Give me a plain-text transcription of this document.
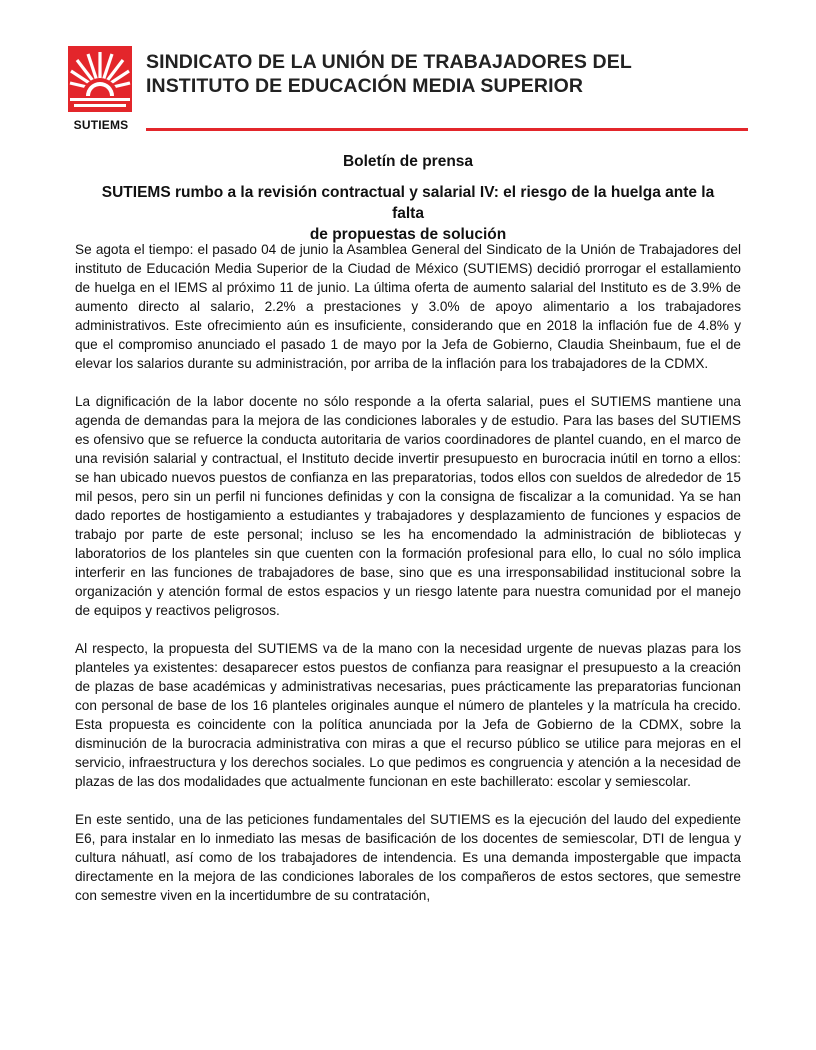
SUTIEMS
SINDICATO DE LA UNIÓN DE TRABAJADORES DEL
INSTITUTO DE EDUCACIÓN MEDIA SUPERIOR
Boletín de prensa
SUTIEMS rumbo a la revisión contractual y salarial IV: el riesgo de la huelga ante la falta
de propuestas de solución

Se agota el tiempo: el pasado 04 de junio la Asamblea General del Sindicato de la Unión de Trabajadores del instituto de Educación Media Superior de la Ciudad de México (SUTIEMS) decidió prorrogar el estallamiento de huelga en el IEMS al próximo 11 de junio. La última oferta de aumento salarial del Instituto es de 3.9% de aumento directo al salario, 2.2% a prestaciones y 3.0% de apoyo alimentario a los trabajadores administrativos. Este ofrecimiento aún es insuficiente, considerando que en 2018 la inflación fue de 4.8% y que el compromiso anunciado el pasado 1 de mayo por la Jefa de Gobierno, Claudia Sheinbaum, fue el de elevar los salarios durante su administración, por arriba de la inflación para los trabajadores de la CDMX.

La dignificación de la labor docente no sólo responde a la oferta salarial, pues el SUTIEMS mantiene una agenda de demandas para la mejora de las condiciones laborales y de estudio. Para las bases del SUTIEMS es ofensivo que se refuerce la conducta autoritaria de varios coordinadores de plantel cuando, en el marco de una revisión salarial y contractual, el Instituto decide invertir presupuesto en burocracia inútil en torno a ellos: se han ubicado nuevos puestos de confianza en las preparatorias, todos ellos con sueldos de alrededor de 15 mil pesos, pero sin un perfil ni funciones definidas y con la consigna de fiscalizar a la comunidad. Ya se han dado reportes de hostigamiento a estudiantes y trabajadores y desplazamiento de funciones y espacios de trabajo por parte de este personal; incluso se les ha encomendado la administración de bibliotecas y laboratorios de los planteles sin que cuenten con la formación profesional para ello, lo cual no sólo implica interferir en las funciones de trabajadores de base, sino que es una irresponsabilidad institucional sobre la organización y atención formal de estos espacios y un riesgo latente para nuestra comunidad por el manejo de equipos y reactivos peligrosos.

Al respecto, la propuesta del SUTIEMS va de la mano con la necesidad urgente de nuevas plazas para los planteles ya existentes: desaparecer estos puestos de confianza para reasignar el presupuesto a la creación de plazas de base académicas y administrativas necesarias, pues prácticamente las preparatorias funcionan con personal de base de los 16 planteles originales aunque el número de planteles y la matrícula ha crecido. Esta propuesta es coincidente con la política anunciada por la Jefa de Gobierno de la CDMX, sobre la disminución de la burocracia administrativa con miras a que el recurso público se utilice para mejoras en el servicio, infraestructura y los derechos sociales. Lo que pedimos es congruencia y atención a la necesidad de plazas de las dos modalidades que actualmente funcionan en este bachillerato: escolar y semiescolar.

En este sentido, una de las peticiones fundamentales del SUTIEMS es la ejecución del laudo del expediente E6, para instalar en lo inmediato las mesas de basificación de los docentes de semiescolar, DTI de lengua y cultura náhuatl, así como de los trabajadores de intendencia. Es una demanda impostergable que impacta directamente en la mejora de las condiciones laborales de los compañeros de estos sectores, que semestre con semestre viven en la incertidumbre de su contratación,
